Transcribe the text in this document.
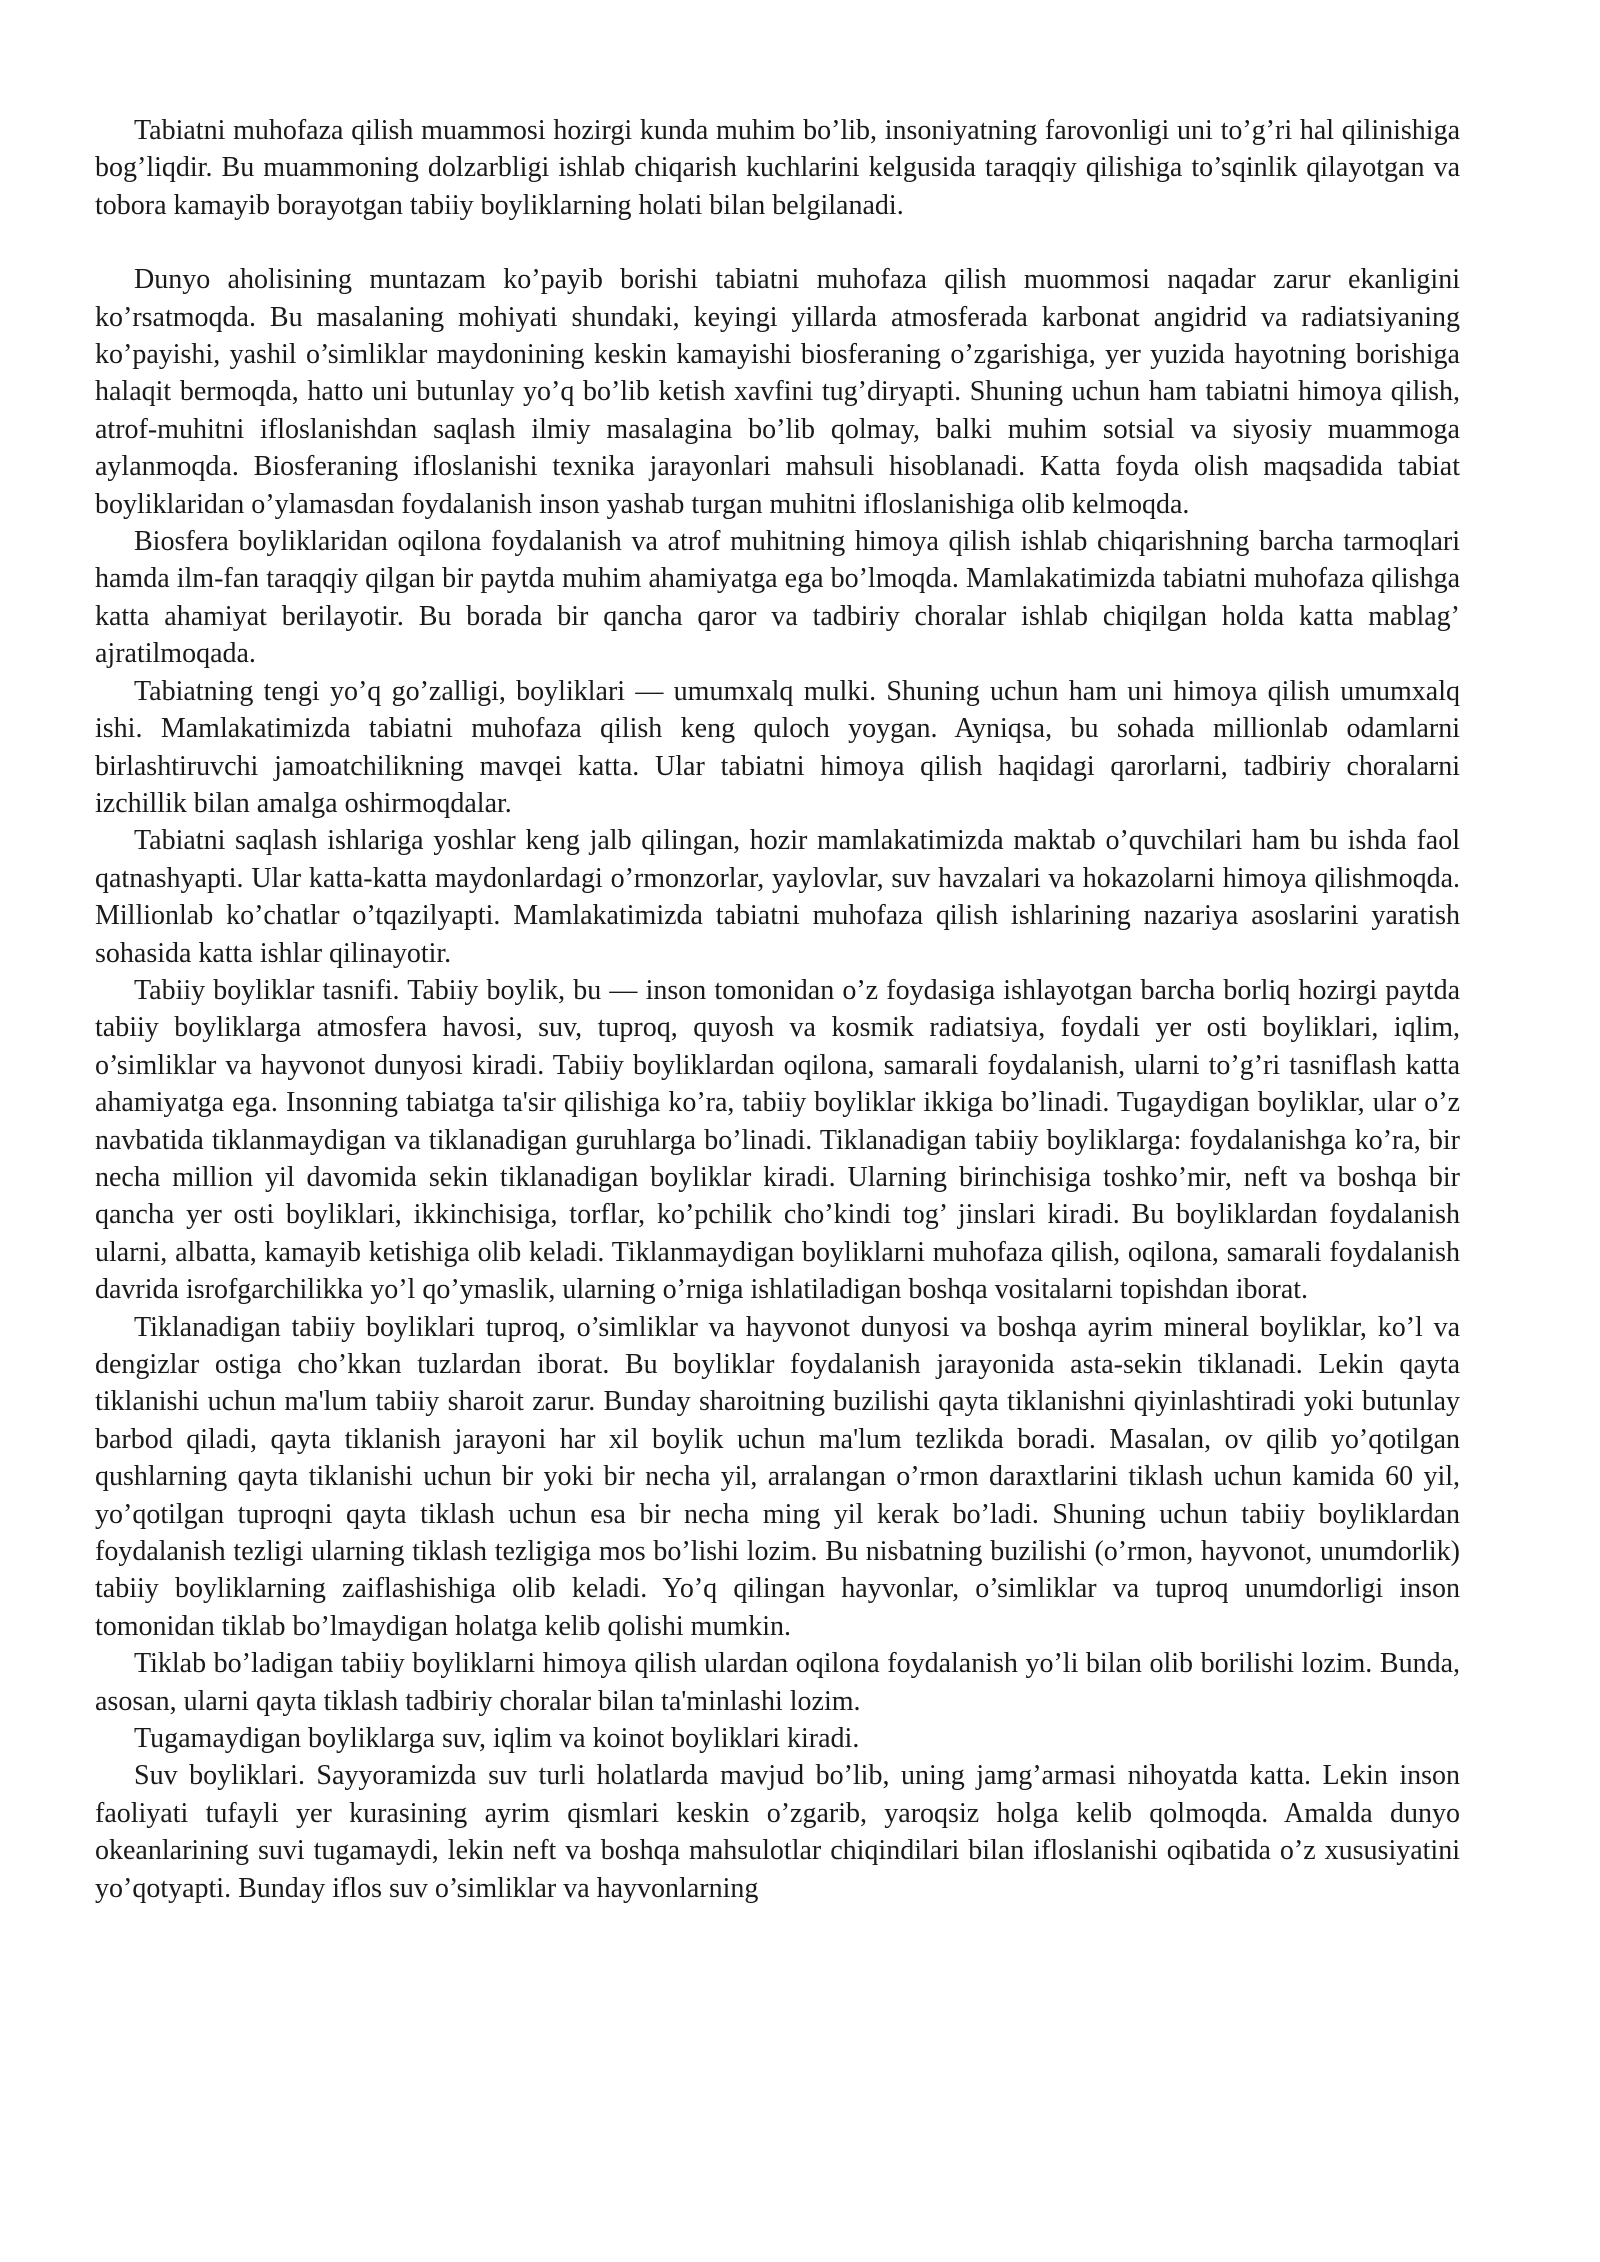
Tabiatni muhofaza qilish muammosi hozirgi kunda muhim bo’lib, insoniyatning farovonligi uni to’g’ri hal qilinishiga bog’liqdir. Bu muammoning dolzarbligi ishlab chiqarish kuchlarini kelgusida taraqqiy qilishiga to’sqinlik qilayotgan va tobora kamayib borayotgan tabiiy boyliklarning holati bilan belgilanadi.

Dunyo aholisining muntazam ko’payib borishi tabiatni muhofaza qilish muommosi naqadar zarur ekanligini ko’rsatmoqda. Bu masalaning mohiyati shundaki, keyingi yillarda atmosferada karbonat angidrid va radiatsiyaning ko’payishi, yashil o’simliklar maydonining keskin kamayishi biosferaning o’zgarishiga, yer yuzida hayotning borishiga halaqit bermoqda, hatto uni butunlay yo’q bo’lib ketish xavfini tug’diryapti. Shuning uchun ham tabiatni himoya qilish, atrof-muhitni ifloslanishdan saqlash ilmiy masalagina bo’lib qolmay, balki muhim sotsial va siyosiy muammoga aylanmoqda. Biosferaning ifloslanishi texnika jarayonlari mahsuli hisoblanadi. Katta foyda olish maqsadida tabiat boyliklaridan o’ylamasdan foydalanish inson yashab turgan muhitni ifloslanishiga olib kelmoqda.

Biosfera boyliklaridan oqilona foydalanish va atrof muhitning himoya qilish ishlab chiqarishning barcha tarmoqlari hamda ilm-fan taraqqiy qilgan bir paytda muhim ahamiyatga ega bo’lmoqda. Mamlakatimizda tabiatni muhofaza qilishga katta ahamiyat berilayotir. Bu borada bir qancha qaror va tadbiriy choralar ishlab chiqilgan holda katta mablag’ ajratilmoqada.

Tabiatning tengi yo’q go’zalligi, boyliklari — umumxalq mulki. Shuning uchun ham uni himoya qilish umumxalq ishi. Mamlakatimizda tabiatni muhofaza qilish keng quloch yoygan. Ayniqsa, bu sohada millionlab odamlarni birlashtiruvchi jamoatchilikning mavqei katta. Ular tabiatni himoya qilish haqidagi qarorlarni, tadbiriy choralarni izchillik bilan amalga oshirmoqdalar.

Tabiatni saqlash ishlariga yoshlar keng jalb qilingan, hozir mamlakatimizda maktab o’quvchilari ham bu ishda faol qatnashyapti. Ular katta-katta maydonlardagi o’rmonzorlar, yaylovlar, suv havzalari va hokazolarni himoya qilishmoqda. Millionlab ko’chatlar o’tqazilyapti. Mamlakatimizda tabiatni muhofaza qilish ishlarining nazariya asoslarini yaratish sohasida katta ishlar qilinayotir.

Tabiiy boyliklar tasnifi. Tabiiy boylik, bu — inson tomonidan o’z foydasiga ishlayotgan barcha borliq hozirgi paytda tabiiy boyliklarga atmosfera havosi, suv, tuproq, quyosh va kosmik radiatsiya, foydali yer osti boyliklari, iqlim, o’simliklar va hayvonot dunyosi kiradi. Tabiiy boyliklardan oqilona, samarali foydalanish, ularni to’g’ri tasniflash katta ahamiyatga ega. Insonning tabiatga ta'sir qilishiga ko’ra, tabiiy boyliklar ikkiga bo’linadi. Tugaydigan boyliklar, ular o’z navbatida tiklanmaydigan va tiklanadigan guruhlarga bo’linadi. Tiklanadigan tabiiy boyliklarga: foydalanishga ko’ra, bir necha million yil davomida sekin tiklanadigan boyliklar kiradi. Ularning birinchisiga toshko’mir, neft va boshqa bir qancha yer osti boyliklari, ikkinchisiga, torflar, ko’pchilik cho’kindi tog’ jinslari kiradi. Bu boyliklardan foydalanish ularni, albatta, kamayib ketishiga olib keladi. Tiklanmaydigan boyliklarni muhofaza qilish, oqilona, samarali foydalanish davrida isrofgarchilikka yo’l qo’ymaslik, ularning o’rniga ishlatiladigan boshqa vositalarni topishdan iborat.

Tiklanadigan tabiiy boyliklari tuproq, o’simliklar va hayvonot dunyosi va boshqa ayrim mineral boyliklar, ko’l va dengizlar ostiga cho’kkan tuzlardan iborat. Bu boyliklar foydalanish jarayonida asta-sekin tiklanadi. Lekin qayta tiklanishi uchun ma'lum tabiiy sharoit zarur. Bunday sharoitning buzilishi qayta tiklanishni qiyinlashtiradi yoki butunlay barbod qiladi, qayta tiklanish jarayoni har xil boylik uchun ma'lum tezlikda boradi. Masalan, ov qilib yo’qotilgan qushlarning qayta tiklanishi uchun bir yoki bir necha yil, arralangan o’rmon daraxtlarini tiklash uchun kamida 60 yil, yo’qotilgan tuproqni qayta tiklash uchun esa bir necha ming yil kerak bo’ladi. Shuning uchun tabiiy boyliklardan foydalanish tezligi ularning tiklash tezligiga mos bo’lishi lozim. Bu nisbatning buzilishi (o’rmon, hayvonot, unumdorlik) tabiiy boyliklarning zaiflashishiga olib keladi. Yo’q qilingan hayvonlar, o’simliklar va tuproq unumdorligi inson tomonidan tiklab bo’lmaydigan holatga kelib qolishi mumkin.

Tiklab bo’ladigan tabiiy boyliklarni himoya qilish ulardan oqilona foydalanish yo’li bilan olib borilishi lozim. Bunda, asosan, ularni qayta tiklash tadbiriy choralar bilan ta'minlashi lozim.

Tugamaydigan boyliklarga suv, iqlim va koinot boyliklari kiradi.

Suv boyliklari. Sayyoramizda suv turli holatlarda mavjud bo’lib, uning jamg’armasi nihoyatda katta. Lekin inson faoliyati tufayli yer kurasining ayrim qismlari keskin o’zgarib, yaroqsiz holga kelib qolmoqda. Amalda dunyo okeanlarining suvi tugamaydi, lekin neft va boshqa mahsulotlar chiqindilari bilan ifloslanishi oqibatida o’z xususiyatini yo’qotyapti. Bunday iflos suv o’simliklar va hayvonlarning
